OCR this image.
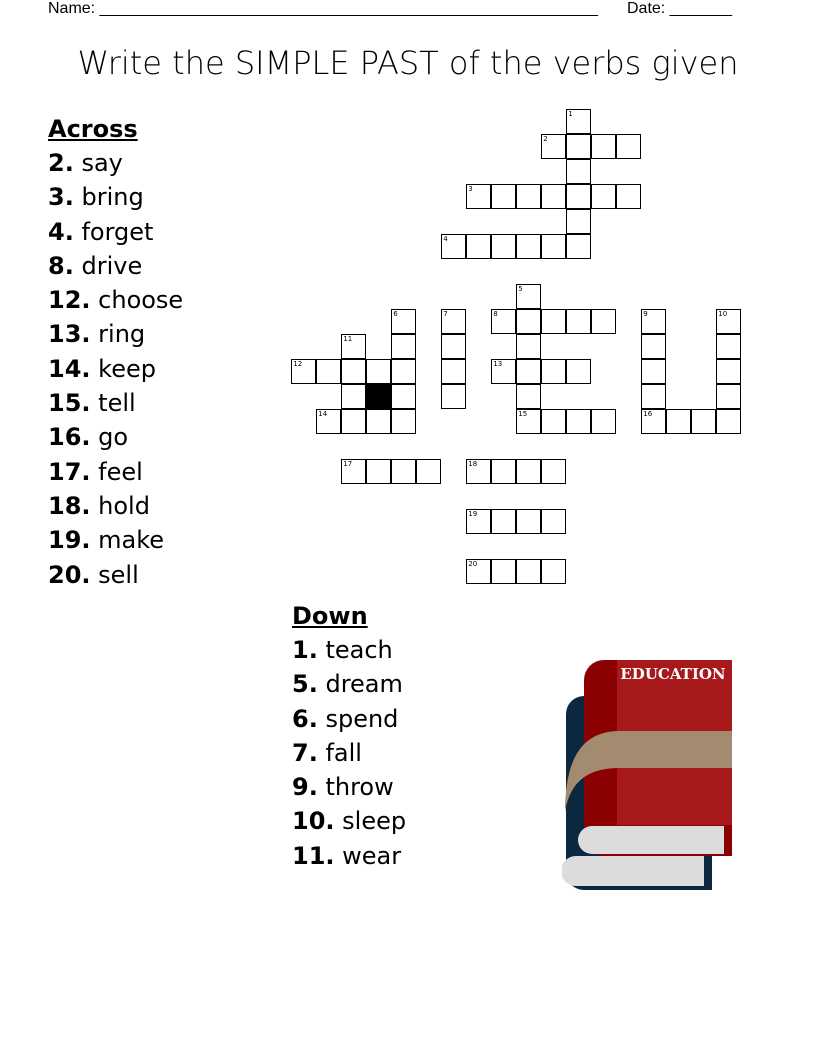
Name: ________________________________________________________ Date: _______
Write the SIMPLE PAST of the verbs given
Across
2. say
3. bring
4. forget
8. drive
12. choose
13. ring
14. keep
15. tell
16. go
17. feel
18. hold
19. make
20. sell
Down
1. teach
5. dream
6. spend
7. fall
9. throw
10. sleep
11. wear
1
2
3
4
5
15
6	7	8	9
16
10
11
12	13
14
17	18
19
20
EDUCATION
